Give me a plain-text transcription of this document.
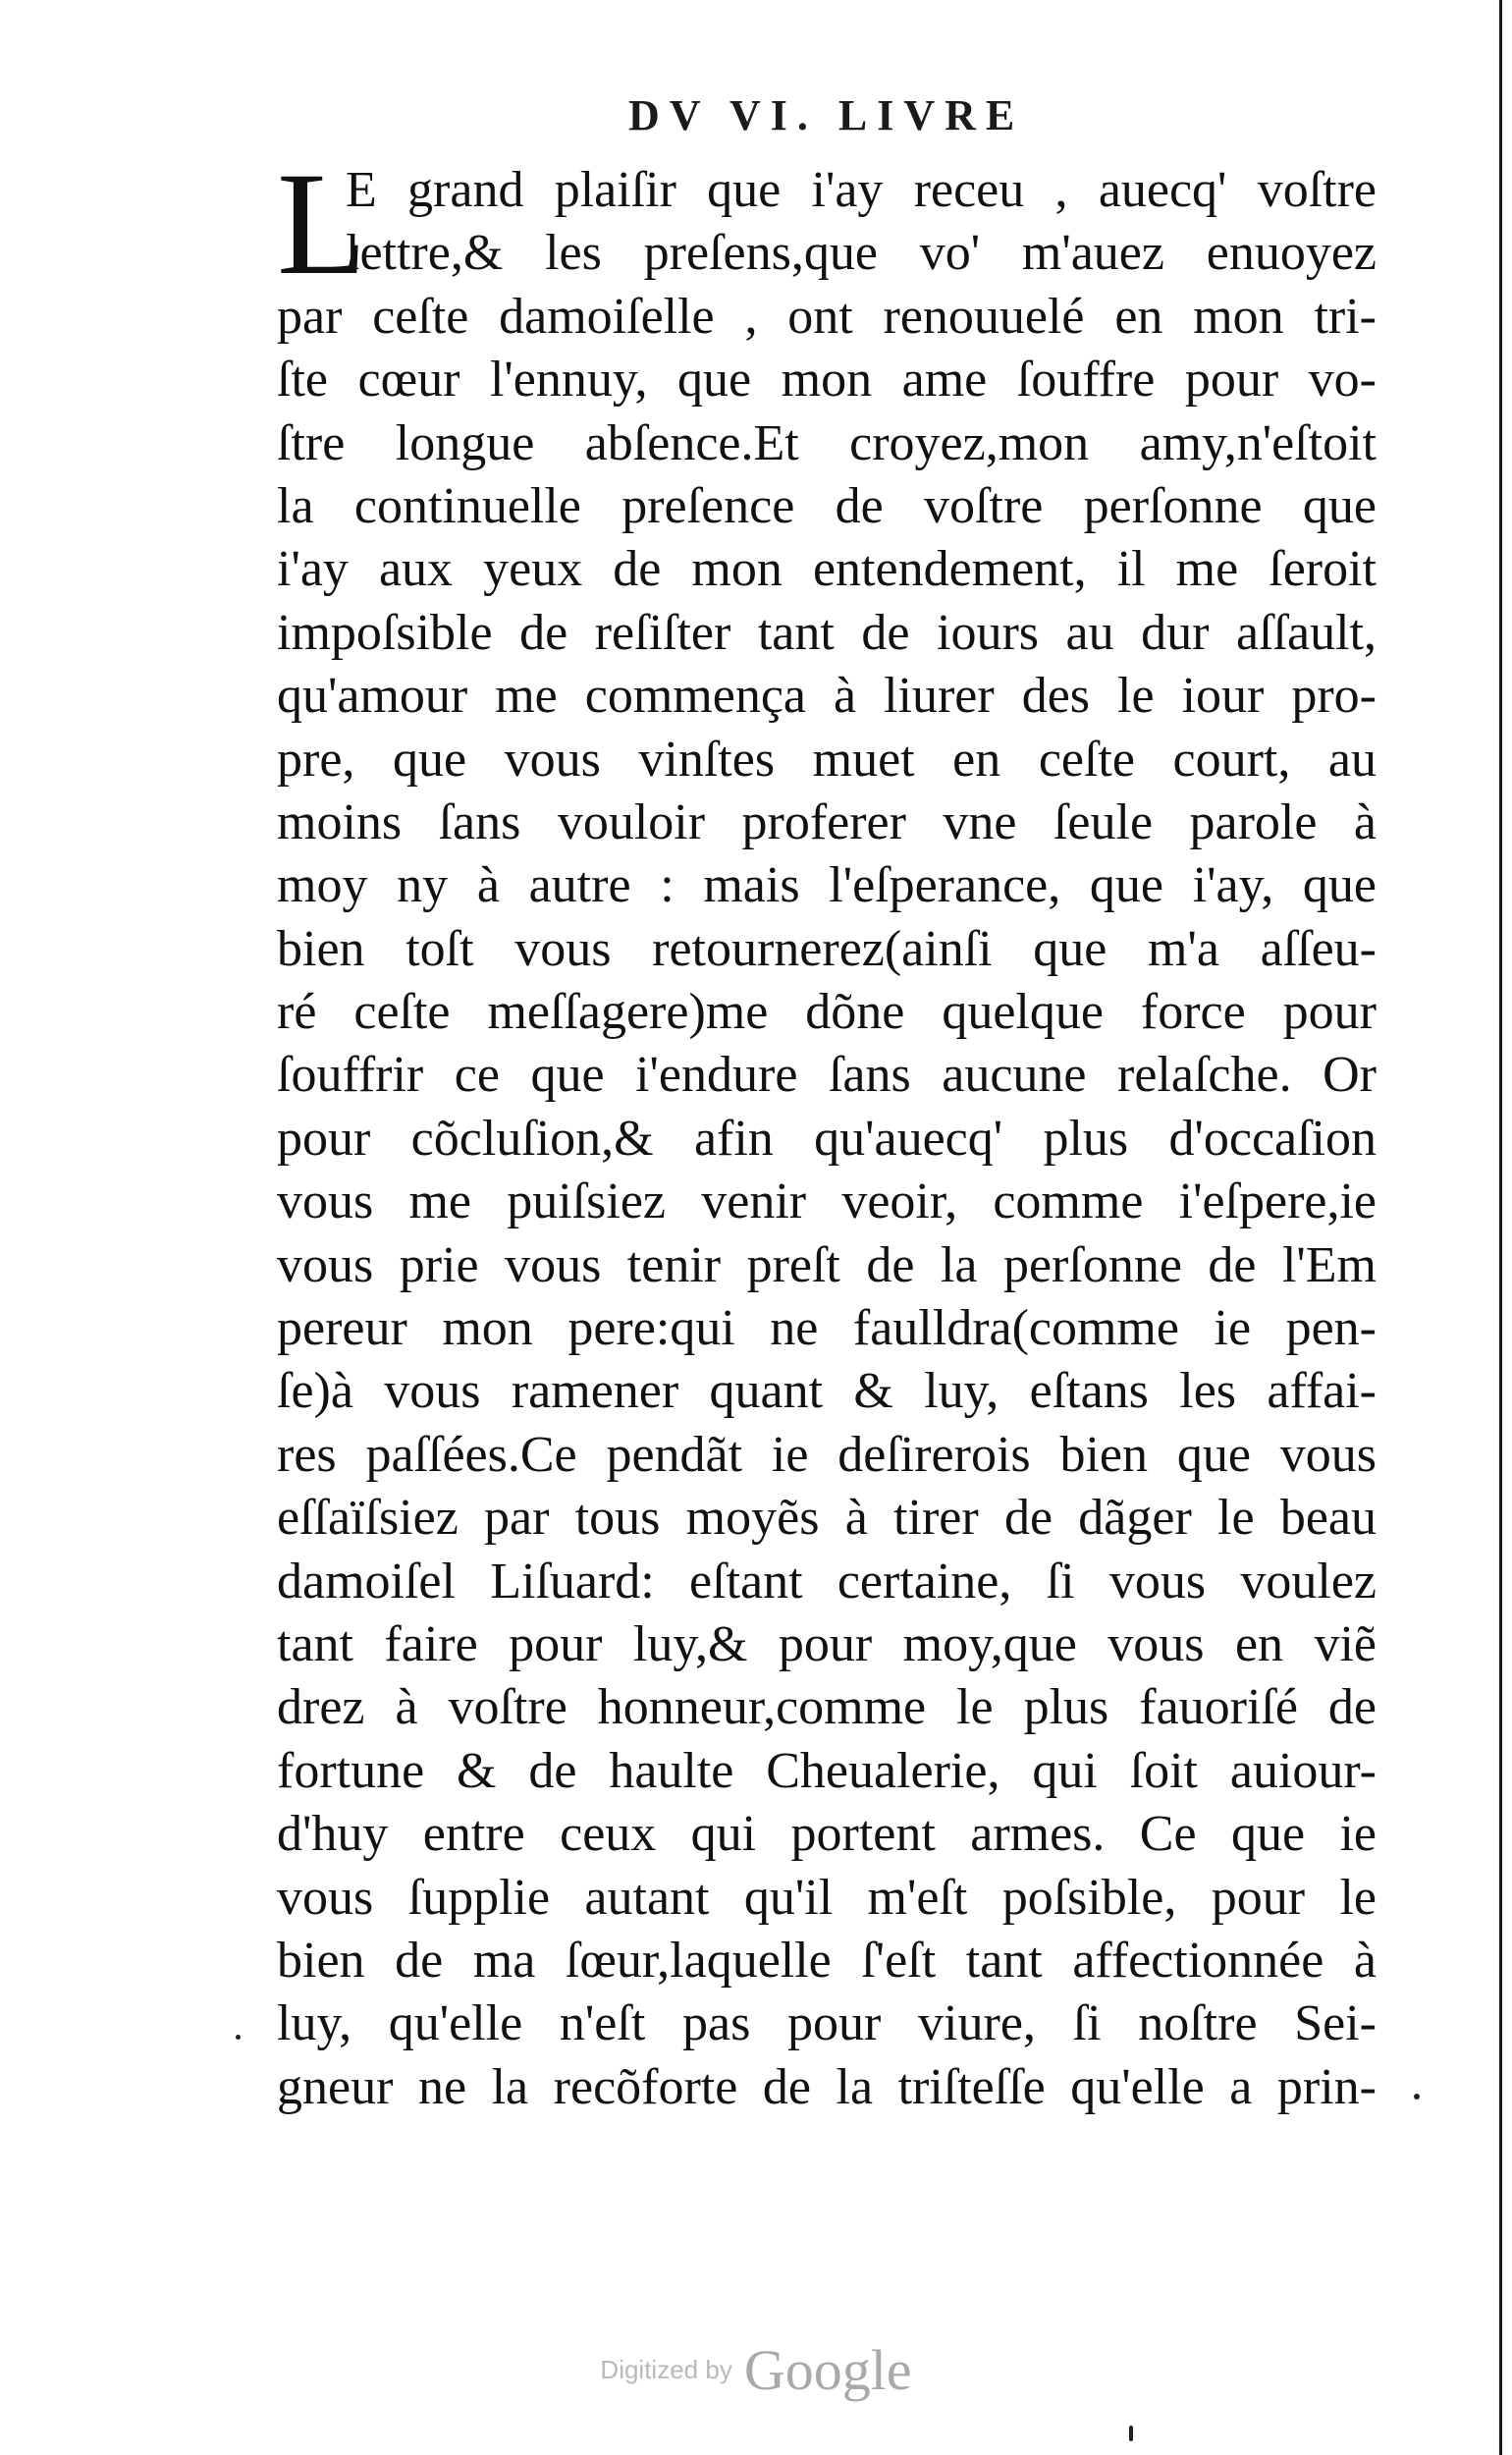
DV VI. LIVRE
L
E grand plaiſir que i'ay receu , auecq' voſtre
lettre,& les preſens,que vo' m'auez enuoyez
par ceſte damoiſelle , ont renouuelé en mon tri-
ſte cœur l'ennuy, que mon ame ſouffre pour vo-
ſtre longue abſence.Et croyez,mon amy,n'eſtoit
la continuelle preſence de voſtre perſonne que
i'ay aux yeux de mon entendement, il me ſeroit
impoſsible de reſiſter tant de iours au dur aſſault,
qu'amour me commença à liurer des le iour pro-
pre, que vous vinſtes muet en ceſte court, au
moins ſans vouloir proferer vne ſeule parole à
moy ny à autre : mais l'eſperance, que i'ay, que
bien toſt vous retournerez(ainſi que m'a aſſeu-
ré ceſte meſſagere)me dõne quelque force pour
ſouffrir ce que i'endure ſans aucune relaſche. Or
pour cõcluſion,& afin qu'auecq' plus d'occaſion
vous me puiſsiez venir veoir, comme i'eſpere,ie
vous prie vous tenir preſt de la perſonne de l'Em
pereur mon pere:qui ne faulldra(comme ie pen-
ſe)à vous ramener quant & luy, eſtans les affai-
res paſſées.Ce pendãt ie deſirerois bien que vous
eſſaïſsiez par tous moyẽs à tirer de dãger le beau
damoiſel Liſuard: eſtant certaine, ſi vous voulez
tant faire pour luy,& pour moy,que vous en viẽ
drez à voſtre honneur,comme le plus fauoriſé de
fortune & de haulte Cheualerie, qui ſoit auiour-
d'huy entre ceux qui portent armes. Ce que ie
vous ſupplie autant qu'il m'eſt poſsible, pour le
bien de ma ſœur,laquelle ſ'eſt tant affectionnée à
luy, qu'elle n'eſt pas pour viure, ſi noſtre Sei-
gneur ne la recõforte de la triſteſſe qu'elle a prin-
Digitized by Google
